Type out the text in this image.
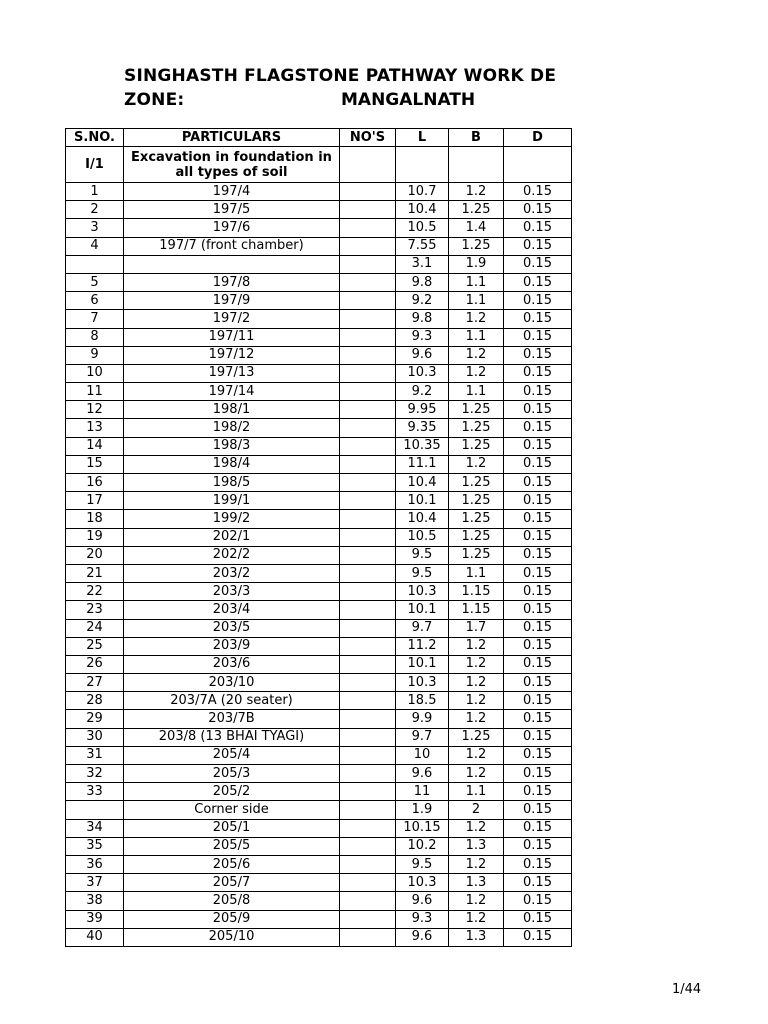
SINGHASTH FLAGSTONE PATHWAY WORK DE
ZONE:	MANGALNATH
S.NO.	PARTICULARS	NO'S	L	B	D
I/1	Excavation in foundation in all types of soil				
1	197/4		10.7	1.2	0.15
2	197/5		10.4	1.25	0.15
3	197/6		10.5	1.4	0.15
4	197/7 (front chamber)		7.55	1.25	0.15
			3.1	1.9	0.15
5	197/8		9.8	1.1	0.15
6	197/9		9.2	1.1	0.15
7	197/2		9.8	1.2	0.15
8	197/11		9.3	1.1	0.15
9	197/12		9.6	1.2	0.15
10	197/13		10.3	1.2	0.15
11	197/14		9.2	1.1	0.15
12	198/1		9.95	1.25	0.15
13	198/2		9.35	1.25	0.15
14	198/3		10.35	1.25	0.15
15	198/4		11.1	1.2	0.15
16	198/5		10.4	1.25	0.15
17	199/1		10.1	1.25	0.15
18	199/2		10.4	1.25	0.15
19	202/1		10.5	1.25	0.15
20	202/2		9.5	1.25	0.15
21	203/2		9.5	1.1	0.15
22	203/3		10.3	1.15	0.15
23	203/4		10.1	1.15	0.15
24	203/5		9.7	1.7	0.15
25	203/9		11.2	1.2	0.15
26	203/6		10.1	1.2	0.15
27	203/10		10.3	1.2	0.15
28	203/7A (20 seater)		18.5	1.2	0.15
29	203/7B		9.9	1.2	0.15
30	203/8 (13 BHAI TYAGI)		9.7	1.25	0.15
31	205/4		10	1.2	0.15
32	205/3		9.6	1.2	0.15
33	205/2		11	1.1	0.15
	Corner side		1.9	2	0.15
34	205/1		10.15	1.2	0.15
35	205/5		10.2	1.3	0.15
36	205/6		9.5	1.2	0.15
37	205/7		10.3	1.3	0.15
38	205/8		9.6	1.2	0.15
39	205/9		9.3	1.2	0.15
40	205/10		9.6	1.3	0.15
1/44
